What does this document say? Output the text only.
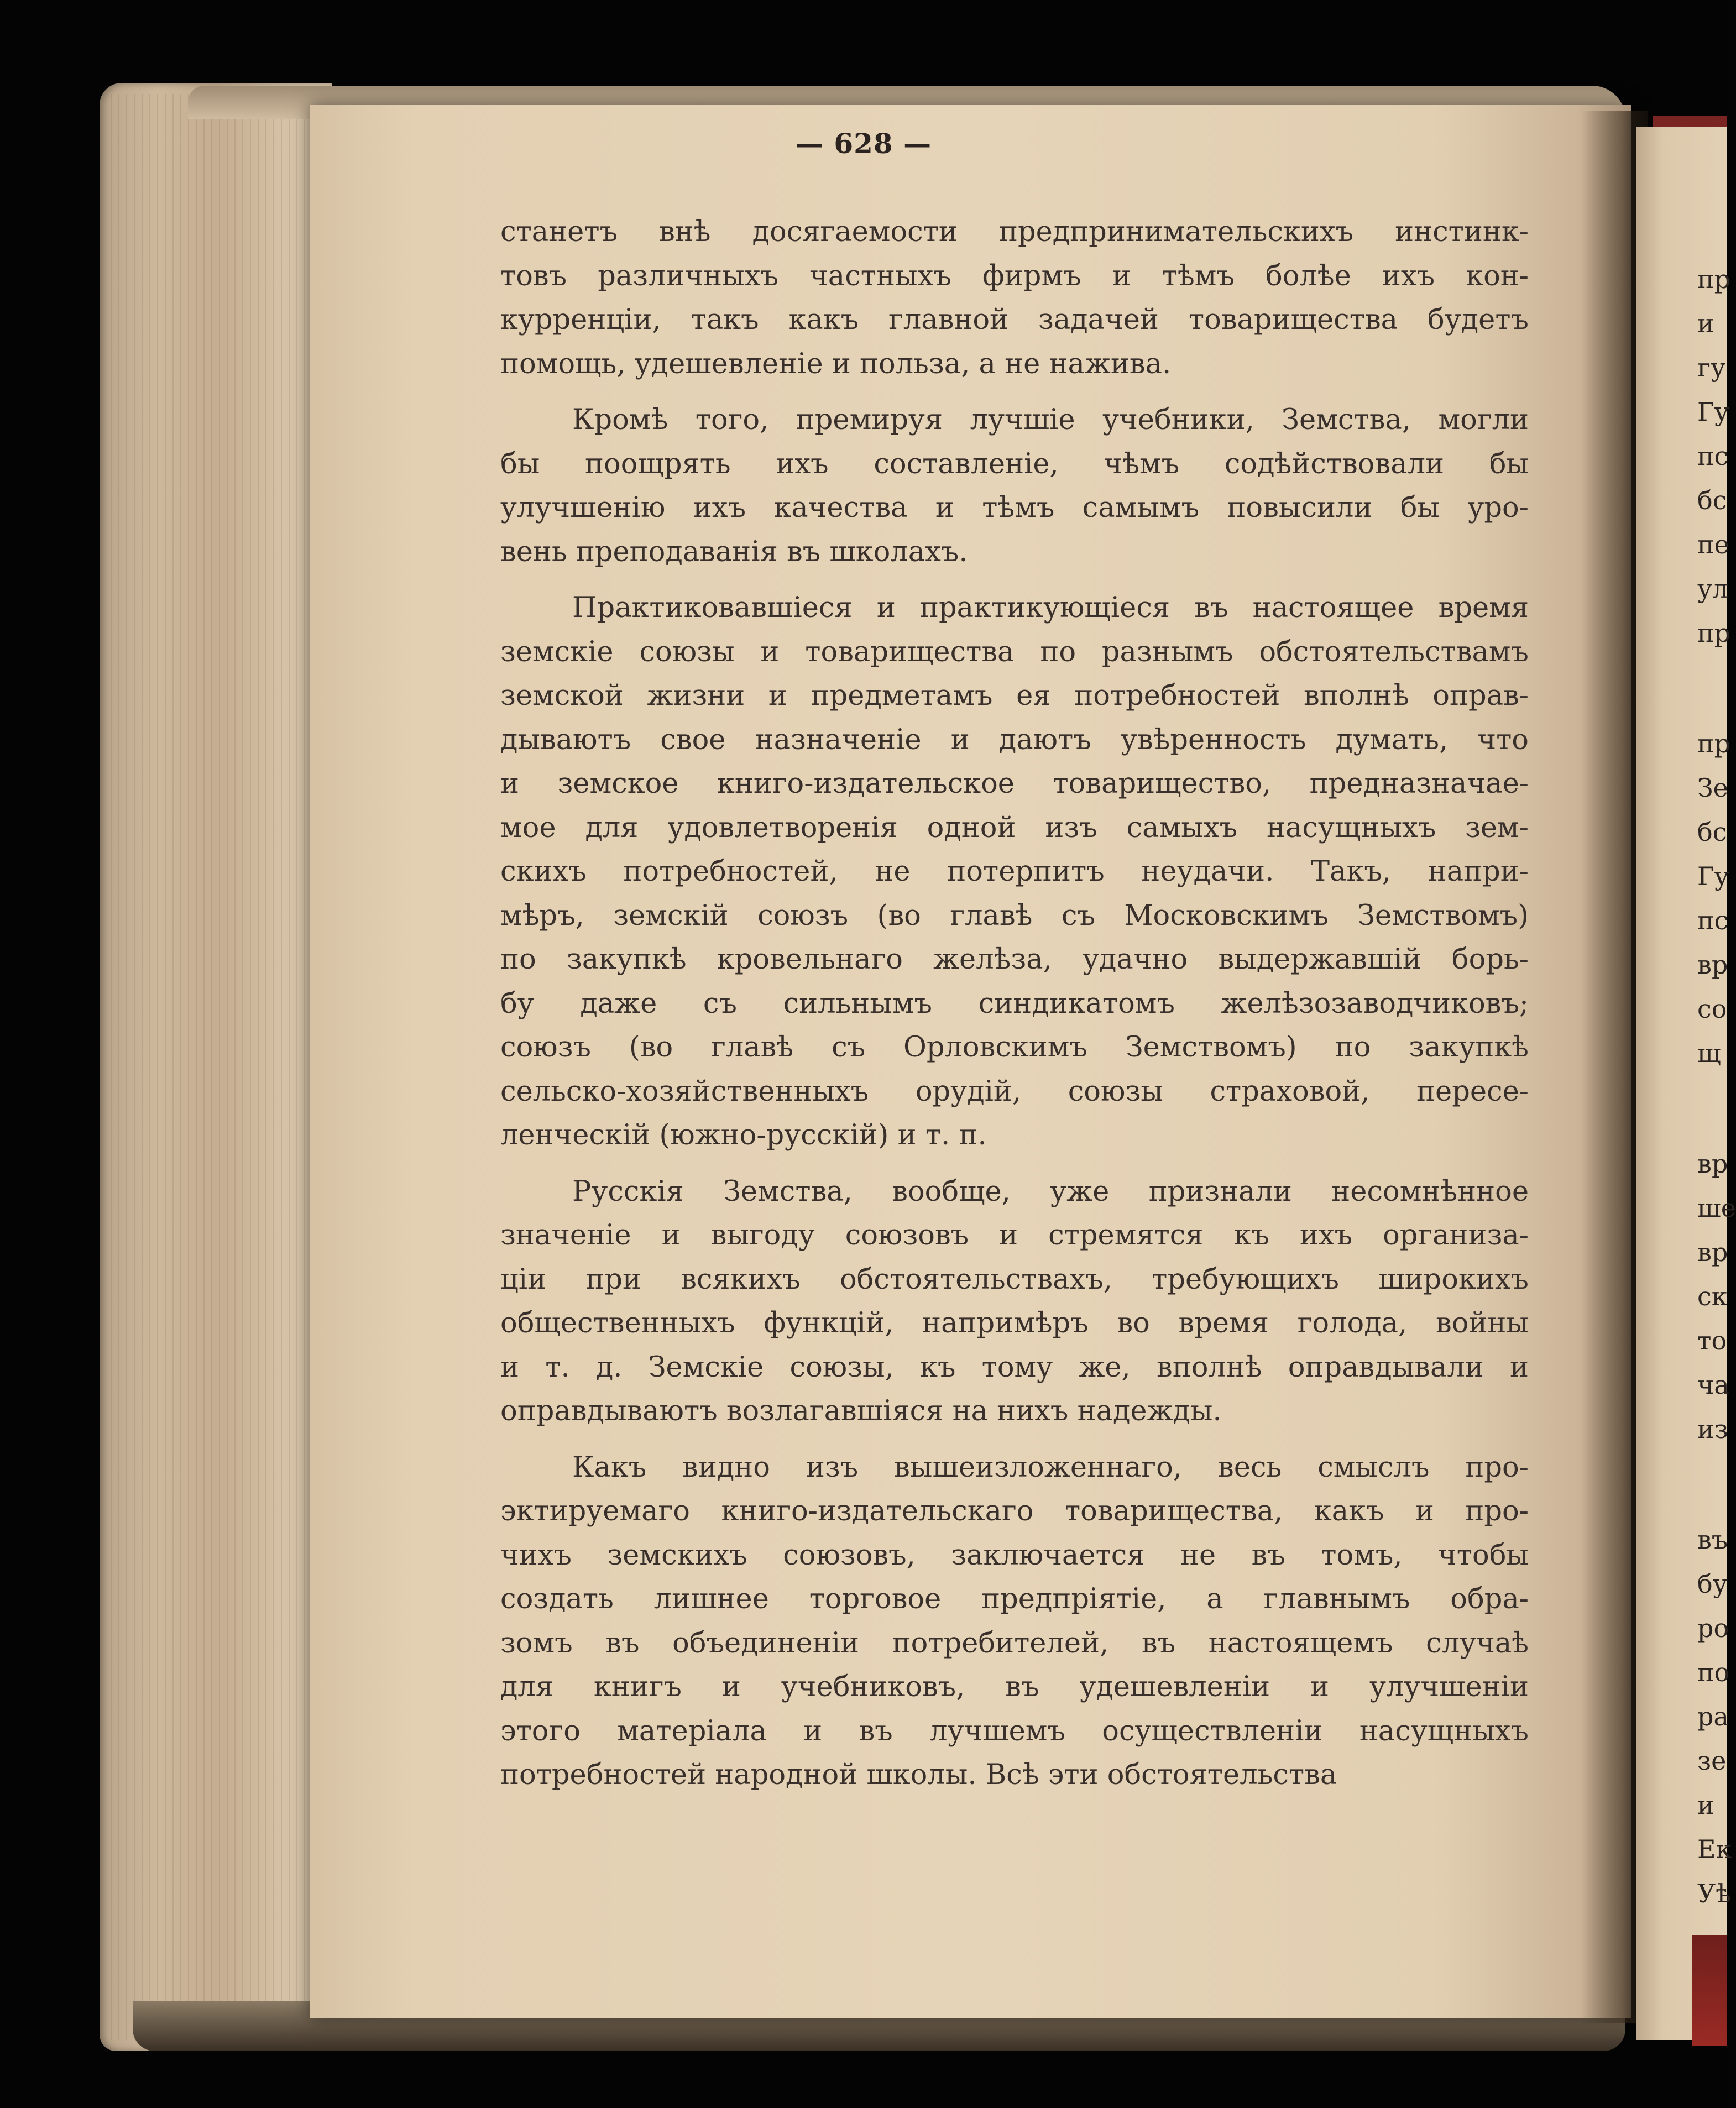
— 628 —
станетъ внѣ досягаемости предпринимательскихъ инстинк-
товъ различныхъ частныхъ фирмъ и тѣмъ болѣе ихъ кон-
курренціи, такъ какъ главной задачей товарищества будетъ
помощь, удешевленіе и польза, а не нажива.
Кромѣ того, премируя лучшіе учебники, Земства, могли
бы поощрять ихъ составленіе, чѣмъ содѣйствовали бы
улучшенію ихъ качества и тѣмъ самымъ повысили бы уро-
вень преподаванія въ школахъ.
Практиковавшіеся и практикующіеся въ настоящее время
земскіе союзы и товарищества по разнымъ обстоятельствамъ
земской жизни и предметамъ ея потребностей вполнѣ оправ-
дываютъ свое назначеніе и даютъ увѣренность думать, что
и земское книго-издательское товарищество, предназначае-
мое для удовлетворенія одной изъ самыхъ насущныхъ зем-
скихъ потребностей, не потерпитъ неудачи. Такъ, напри-
мѣръ, земскій союзъ (во главѣ съ Московскимъ Земствомъ)
по закупкѣ кровельнаго желѣза, удачно выдержавшій борь-
бу даже съ сильнымъ синдикатомъ желѣзозаводчиковъ;
союзъ (во главѣ съ Орловскимъ Земствомъ) по закупкѣ
сельско-хозяйственныхъ орудій, союзы страховой, пересе-
ленческій (южно-русскій) и т. п.
Русскія Земства, вообще, уже признали несомнѣнное
значеніе и выгоду союзовъ и стремятся къ ихъ организа-
ціи при всякихъ обстоятельствахъ, требующихъ широкихъ
общественныхъ функцій, напримѣръ во время голода, войны
и т. д. Земскіе союзы, къ тому же, вполнѣ оправдывали и
оправдываютъ возлагавшіяся на нихъ надежды.
Какъ видно изъ вышеизложеннаго, весь смыслъ про-
эктируемаго книго-издательскаго товарищества, какъ и про-
чихъ земскихъ союзовъ, заключается не въ томъ, чтобы
создать лишнее торговое предпріятіе, а главнымъ обра-
зомъ въ объединеніи потребителей, въ настоящемъ случаѣ
для книгъ и учебниковъ, въ удешевленіи и улучшеніи
этого матеріала и въ лучшемъ осуществленіи насущныхъ
потребностей народной школы. Всѣ эти обстоятельства
пр
и
гу
Гу
пс
бс
пе
ул
пр
пр
Зе
бс
Гу
пс
вр
со
щ
вр
ше
вр
ск
то
ча
из
въ
бу
ро
по
ра
зе
и
Ек
Уѣ
